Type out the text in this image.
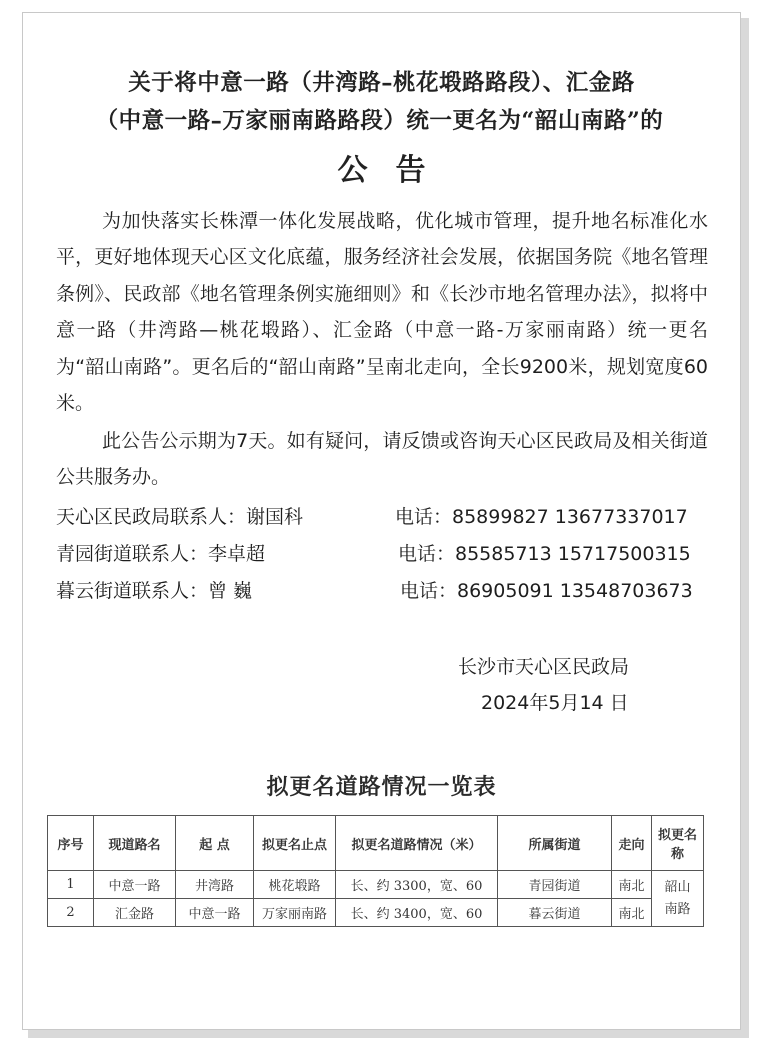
关于将中意一路（井湾路–桃花塅路路段）、汇金路
（中意一路–万家丽南路路段）统一更名为“韶山南路”的
公告
为加快落实长株潭一体化发展战略，优化城市管理，提升地名标准化水平，更好地体现天心区文化底蕴，服务经济社会发展，依据国务院《地名管理条例》、民政部《地名管理条例实施细则》和《长沙市地名管理办法》，拟将中意一路（井湾路—桃花塅路）、汇金路（中意一路-万家丽南路）统一更名为“韶山南路”。更名后的“韶山南路”呈南北走向，全长9200米，规划宽度60米。
此公告公示期为7天。如有疑问，请反馈或咨询天心区民政局及相关街道公共服务办。
天心区民政局联系人：谢国科	电话：85899827 13677337017
青园街道联系人：李卓超	电话：85585713 15717500315
暮云街道联系人：曾 巍	电话：86905091 13548703673
长沙市天心区民政局
2024年5月14 日
拟更名道路情况一览表
序号	现道路名	起 点	拟更名止点	拟更名道路情况（米）	所属街道	走向	拟更名称
1	中意一路	井湾路	桃花塅路	长、约 3300，宽、60	青园街道	南北	韶山南路
2	汇金路	中意一路	万家丽南路	长、约 3400，宽、60	暮云街道	南北	
